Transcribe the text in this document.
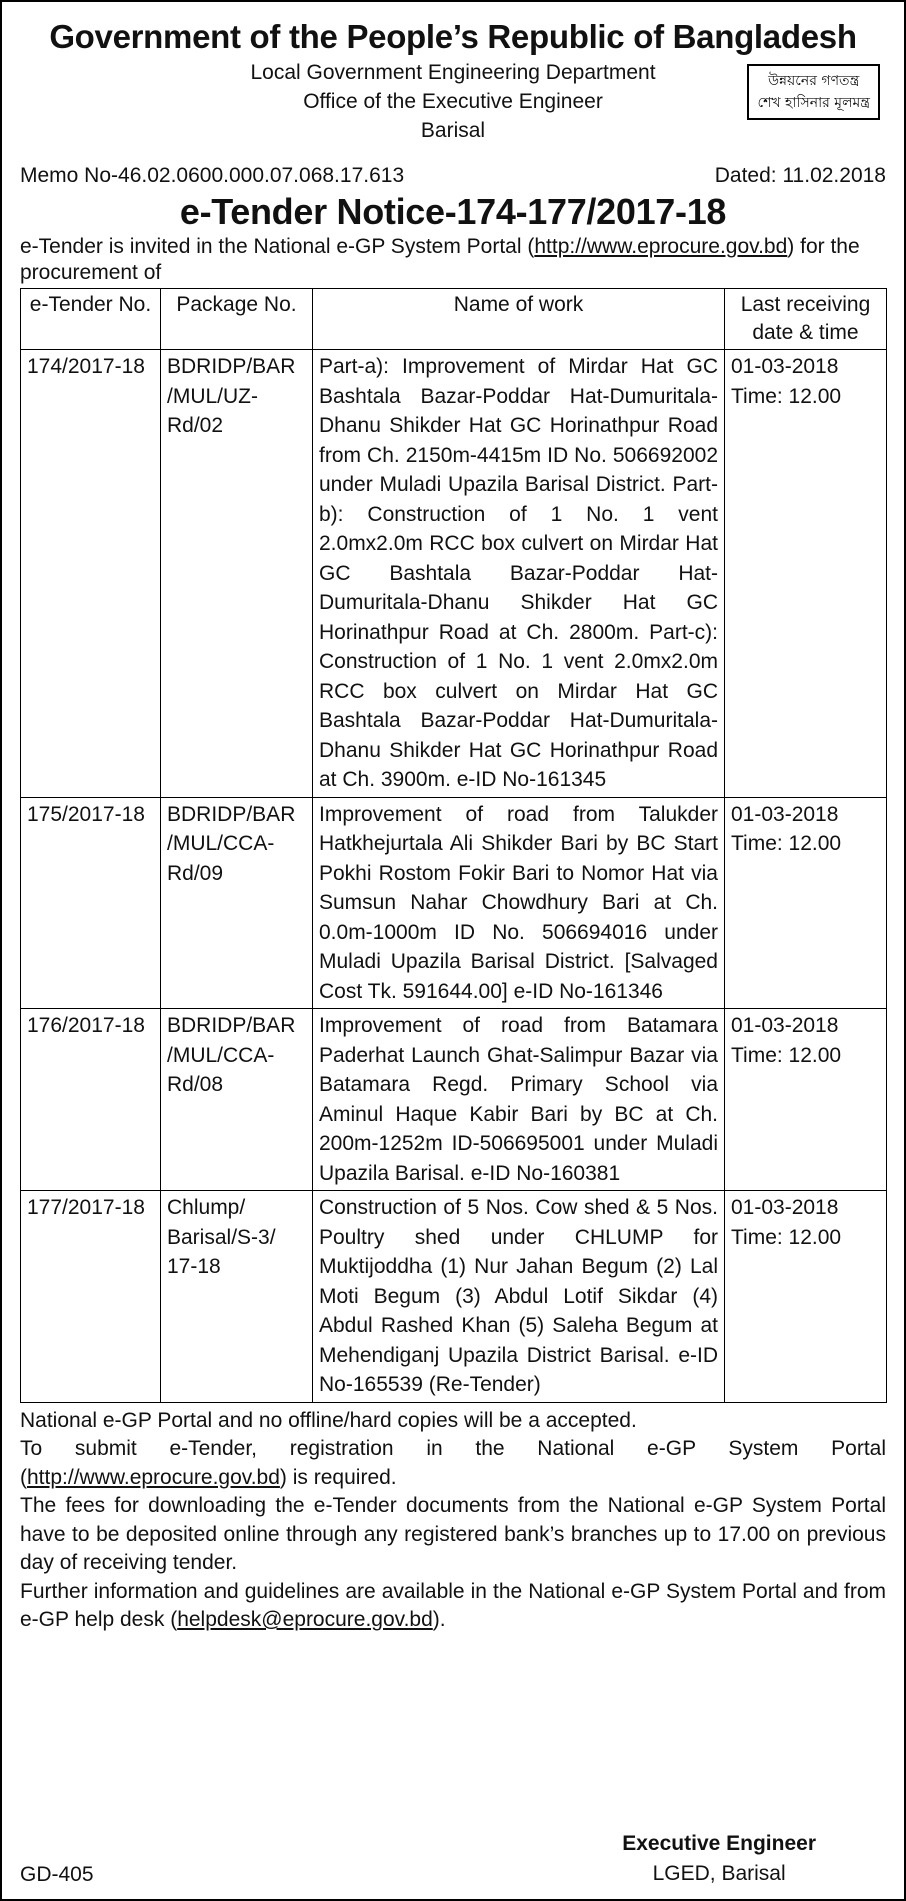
Government of the People’s Republic of Bangladesh
Local Government Engineering Department
Office of the Executive Engineer
Barisal
উন্নয়নের গণতন্ত্র
শেখ হাসিনার মূলমন্ত্র
Memo No-46.02.0600.000.07.068.17.613	Dated: 11.02.2018
e-Tender Notice-174-177/2017-18
e-Tender is invited in the National e-GP System Portal (http://www.eprocure.gov.bd) for the procurement of
e-Tender No.	Package No.	Name of work	Last receiving date & time
174/2017-18	BDRIDP/BAR /MUL/UZ-Rd/02	Part-a): Improvement of Mirdar Hat GC Bashtala Bazar-Poddar Hat-Dumuritala-Dhanu Shikder Hat GC Horinathpur Road from Ch. 2150m-4415m ID No. 506692002 under Muladi Upazila Barisal District. Part-b): Construction of 1 No. 1 vent 2.0mx2.0m RCC box culvert on Mirdar Hat GC Bashtala Bazar-Poddar Hat-Dumuritala-Dhanu Shikder Hat GC Horinathpur Road at Ch. 2800m. Part-c): Construction of 1 No. 1 vent 2.0mx2.0m RCC box culvert on Mirdar Hat GC Bashtala Bazar-Poddar Hat-Dumuritala-Dhanu Shikder Hat GC Horinathpur Road at Ch. 3900m. e-ID No-161345	01-03-2018
Time: 12.00

175/2017-18	BDRIDP/BAR /MUL/CCA-Rd/09	Improvement of road from Talukder Hatkhejurtala Ali Shikder Bari by BC Start Pokhi Rostom Fokir Bari to Nomor Hat via Sumsun Nahar Chowdhury Bari at Ch. 0.0m-1000m ID No. 506694016 under Muladi Upazila Barisal District. [Salvaged Cost Tk. 591644.00] e-ID No-161346	01-03-2018
Time: 12.00

176/2017-18	BDRIDP/BAR /MUL/CCA-Rd/08	Improvement of road from Batamara Paderhat Launch Ghat-Salimpur Bazar via Batamara Regd. Primary School via Aminul Haque Kabir Bari by BC at Ch. 200m-1252m ID-506695001 under Muladi Upazila Barisal. e-ID No-160381	01-03-2018
Time: 12.00

177/2017-18	Chlump/ Barisal/S-3/ 17-18	Construction of 5 Nos. Cow shed & 5 Nos. Poultry shed under CHLUMP for Muktijoddha (1) Nur Jahan Begum (2) Lal Moti Begum (3) Abdul Lotif Sikdar (4) Abdul Rashed Khan (5) Saleha Begum at Mehendiganj Upazila District Barisal. e-ID No-165539 (Re-Tender)	01-03-2018
Time: 12.00

National e-GP Portal and no offline/hard copies will be a accepted.

To submit e-Tender, registration in the National e-GP System Portal (http://www.eprocure.gov.bd) is required.

The fees for downloading the e-Tender documents from the National e-GP System Portal have to be deposited online through any registered bank’s branches up to 17.00 on previous day of receiving tender.

Further information and guidelines are available in the National e-GP System Portal and from e-GP help desk (helpdesk@eprocure.gov.bd).

GD-405
Executive Engineer
LGED, Barisal
